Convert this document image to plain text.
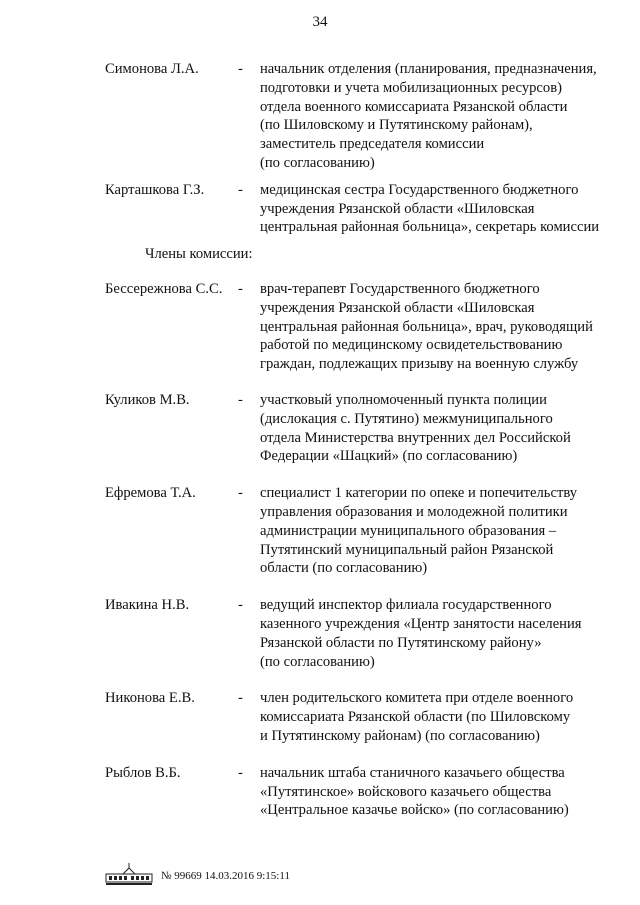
34
Симонова Л.А.	-	начальник отделения (планирования, предназначения,
подготовки и учета мобилизационных ресурсов)
отдела военного комиссариата Рязанской области
(по Шиловскому и Путятинскому районам),
заместитель председателя комиссии
(по согласованию)
Карташкова Г.З.	-	медицинская сестра Государственного бюджетного
учреждения Рязанской области «Шиловская
центральная районная больница», секретарь комиссии
Члены комиссии:
Бессережнова С.С.	-	врач-терапевт Государственного бюджетного
учреждения Рязанской области «Шиловская
центральная районная больница», врач, руководящий
работой по медицинскому освидетельствованию
граждан, подлежащих призыву на военную службу
Куликов М.В.	-	участковый уполномоченный пункта полиции
(дислокация с. Путятино) межмуниципального
отдела Министерства внутренних дел Российской
Федерации «Шацкий» (по согласованию)
Ефремова Т.А.	-	специалист 1 категории по опеке и попечительству
управления образования и молодежной политики
администрации муниципального образования –
Путятинский муниципальный район Рязанской
области (по согласованию)
Ивакина Н.В.	-	ведущий инспектор филиала государственного
казенного учреждения «Центр занятости населения
Рязанской области по Путятинскому району»
(по согласованию)
Никонова Е.В.	-	член родительского комитета при отделе военного
комиссариата Рязанской области (по Шиловскому
и Путятинскому районам) (по согласованию)
Рыблов В.Б.	-	начальник штаба станичного казачьего общества
«Путятинское» войскового казачьего общества
«Центральное казачье войско» (по согласованию)
№ 99669 14.03.2016 9:15:11
